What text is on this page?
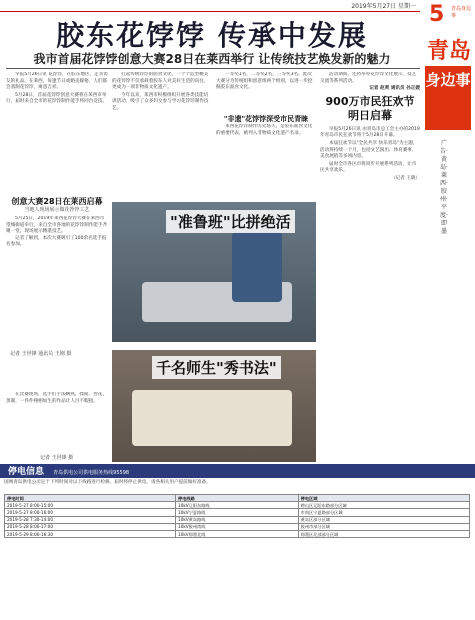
2019年5月27日 星期一 5 青岛身边事
青岛
身边事
广告·黄岛·莱西·胶州·平度·即墨
胶东花饽饽 传承中发展
我市首届花饽饽创意大赛28日在莱西举行 让传统技艺焕发新的魅力

早报5月26日讯 花饽饽，在胶东地区，走亲访友的礼品。在莱西，每逢节日或婚丧嫁娶，人们都会蒸制花饽饽，寓意吉祥。

5月28日，首届花饽饽创意大赛将在莱西市举行，届时来自全市的花饽饽制作能手将同台竞技。

打起传统饽饽的面食文化，一个个造型精美的花饽饽不仅承载着胶东人对美好生活的向往，更成为一项非物质文化遗产。

今年以来，莱西市积极组织开展各类技能培训活动，吸引了众多妇女参与学习花饽饽制作技艺。

一等奖1名，二等奖2名，三等奖3名。此次大赛分为传统组和创意组两个组别，以进一步挖掘胶东面食文化。

"非遗"花饽饽深受市民青睐

莱西花饽饽制作历史悠久，是胶东面食文化的重要代表，被列入非物质文化遗产名录。

创意大赛28日在莱西启幕
当地人现场展示做花饽饽工艺

5月25日，2019年莱西花饽饽大赛在莱西市望城街道举行。来自全市各地的花饽饽制作能手齐聚一堂，现场展示精湛技艺。

记者了解到，本次大赛吸引了100余名选手报名参加。

记者 王世锋 通讯员 王刚 摄

在比赛现场，选手们手法娴熟，揉面、捏花、蒸制，一件件栩栩如生的作品让人目不暇接。

记者 王世锋 摄
"准鲁班"比拼绝活
千名师生"秀书法"

活动期间，还将举办花饽饽文化展示、技艺交流等系列活动。

记者 赵爽 通讯员 孙正媛

900万市民狂欢节
明日启幕

早报5月26日讯 由青岛市总工会主办的2019年青岛市民狂欢节将于5月28日开幕。

本届狂欢节以"全民共享 快乐青岛"为主题，活动将持续一个月，包括文艺演出、体育赛事、美食展销等多项内容。

届时全市各区市将同步开展系列活动，让市民共享欢乐。

（记者 王晓）

停电信息 青岛供电公司供电服务热线95598
国网青岛供电公司定于下列时间对以下线路进行检修，届时将停止供电，请各相关用户提前做好准备。
停电时间	停电线路	停电区域
2019-5-27 8:00-15:00	10kV辽阳东路线	崂山区辽阳东路部分区域
2019-5-27 8:00-16:00	10kV宁夏路线	市南区宁夏路部分区域
2019-5-28 7:30-14:00	10kV黄岛路线	黄岛区部分区域
2019-5-28 8:00-17:00	10kV胶州湾线	胶州市部分区域
2019-5-29 8:00-16:30	10kV即墨北线	即墨区北部部分区域
